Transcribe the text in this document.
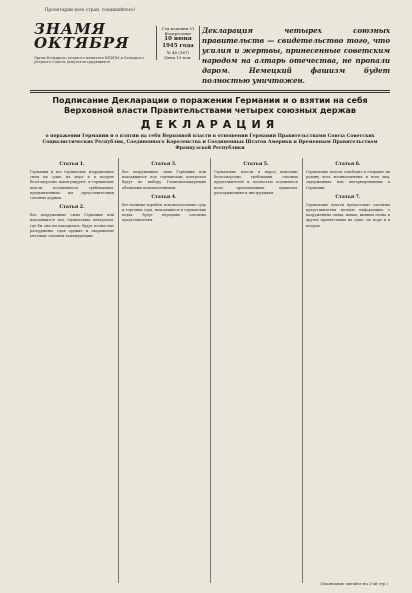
Пролетарии всех стран, соединяйтесь!
ЗНАМЯ
ОКТЯБРЯ
Орган Бельцкого уездного комитета КП(б)М и Бельцкого уездного Совета депутатов трудящихся
Год издания VI
Воскресенье
10 июня 1945 года
№ 48 (167)
Цена 15 коп.
Декларация четырех союзных правительств — свидетельство того, что усилия и жертвы, принесенные советским народом на алтарь отечества, не пропали даром. Немецкий фашизм будет полностью уничтожен.
Подписание Декларации о поражении Германии и о взятии на себя Верховной власти Правительствами четырех союзных держав
ДЕКЛАРАЦИЯ
о поражении Германии и о взятии на себя Верховной власти в отношении Германии Правительствами Союза Советских Социалистических Республик, Соединенного Королевства и Соединенных Штатов Америки и Временным Правительством Французской Республики
Статья 1.
Германия и все германские вооруженные силы на суше, на море и в воздухе безоговорочно капитулируют, и германские власти подчиняются требованиям, предъявленным им представителями союзных держав.
Статья 2.
Все вооруженные силы Германии или находящиеся под германским контролем, где бы они ни находились, будут полностью разоружены, сдав оружие и снаряжение местным союзным командующим.
Статья 3.
Все вооруженные силы Германии или находящиеся под германским контролем будут по выбору Главнокомандующих объявлены военнопленными.
Статья 4.
Все военные корабли, вспомогательные суда и торговые суда, находящиеся в германских водах, будут переданы союзным представителям.
Статья 5.
Германские власти и народ выполнят безоговорочно требования союзных представителей и полностью подчинятся всем прокламациям, приказам, распоряжениям и инструкциям.
Статья 6.
Германские власти освободят и отправят на родину всех военнопленных и всех лиц, задержанных или интернированных в Германии.
Статья 7.
Германские власти предоставят союзным представителям полную информацию о вооруженных силах, минах, минных полях и других препятствиях на суше, на море и в воздухе.
(Окончание читайте на 2-ой стр.)
